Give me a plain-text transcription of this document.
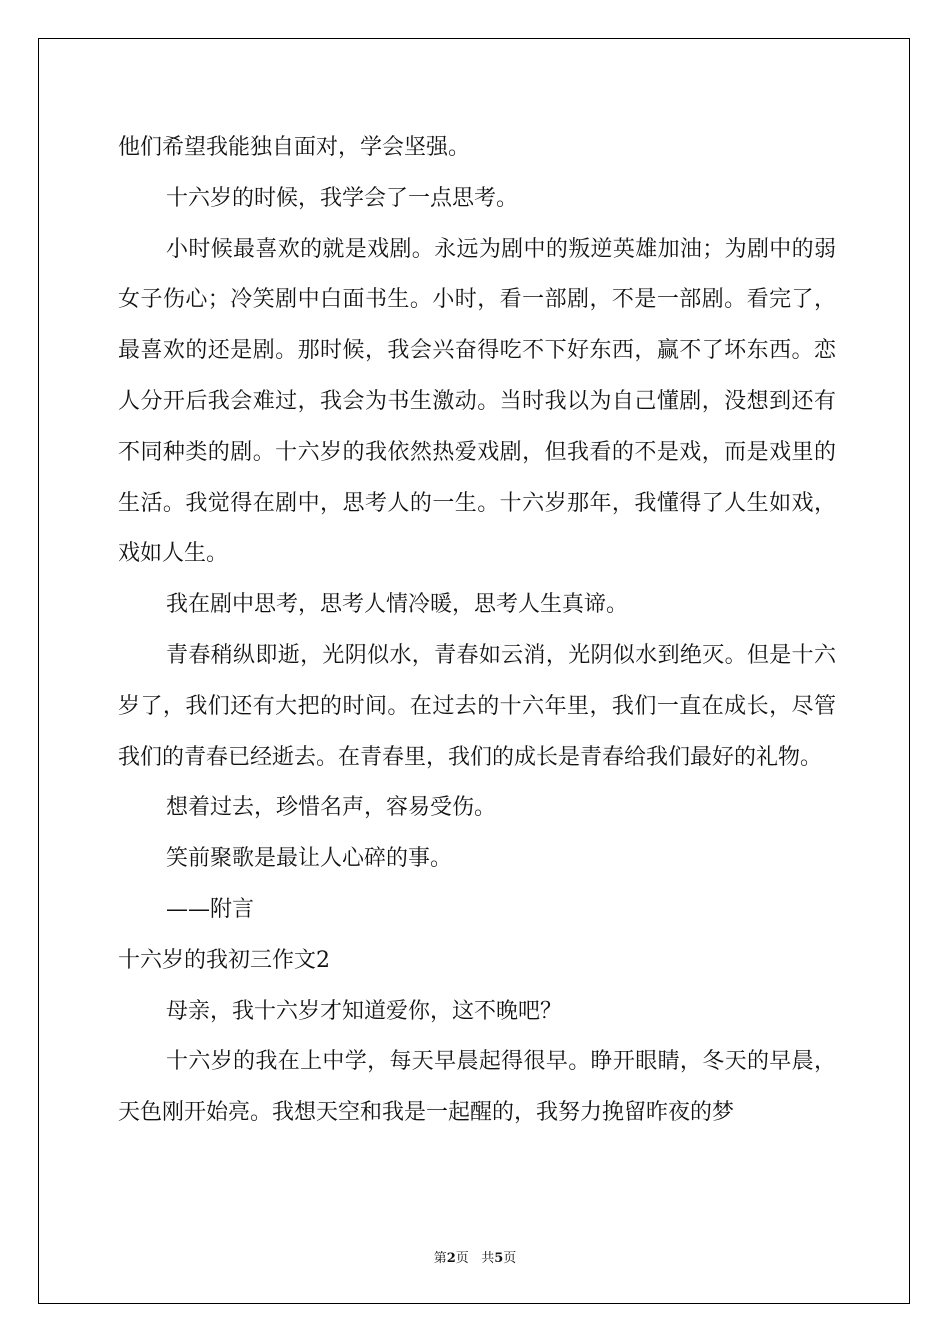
他们希望我能独自面对，学会坚强。

十六岁的时候，我学会了一点思考。

小时候最喜欢的就是戏剧。永远为剧中的叛逆英雄加油；为剧中的弱女子伤心；冷笑剧中白面书生。小时，看一部剧，不是一部剧。看完了，最喜欢的还是剧。那时候，我会兴奋得吃不下好东西，赢不了坏东西。恋人分开后我会难过，我会为书生激动。当时我以为自己懂剧，没想到还有不同种类的剧。十六岁的我依然热爱戏剧，但我看的不是戏，而是戏里的生活。我觉得在剧中，思考人的一生。十六岁那年，我懂得了人生如戏，戏如人生。

我在剧中思考，思考人情冷暖，思考人生真谛。

青春稍纵即逝，光阴似水，青春如云消，光阴似水到绝灭。但是十六岁了，我们还有大把的时间。在过去的十六年里，我们一直在成长，尽管我们的青春已经逝去。在青春里，我们的成长是青春给我们最好的礼物。

想着过去，珍惜名声，容易受伤。

笑前聚歌是最让人心碎的事。

——附言

十六岁的我初三作文2

母亲，我十六岁才知道爱你，这不晚吧？

十六岁的我在上中学，每天早晨起得很早。睁开眼睛，冬天的早晨，天色刚开始亮。我想天空和我是一起醒的，我努力挽留昨夜的梦

第2页 共5页
